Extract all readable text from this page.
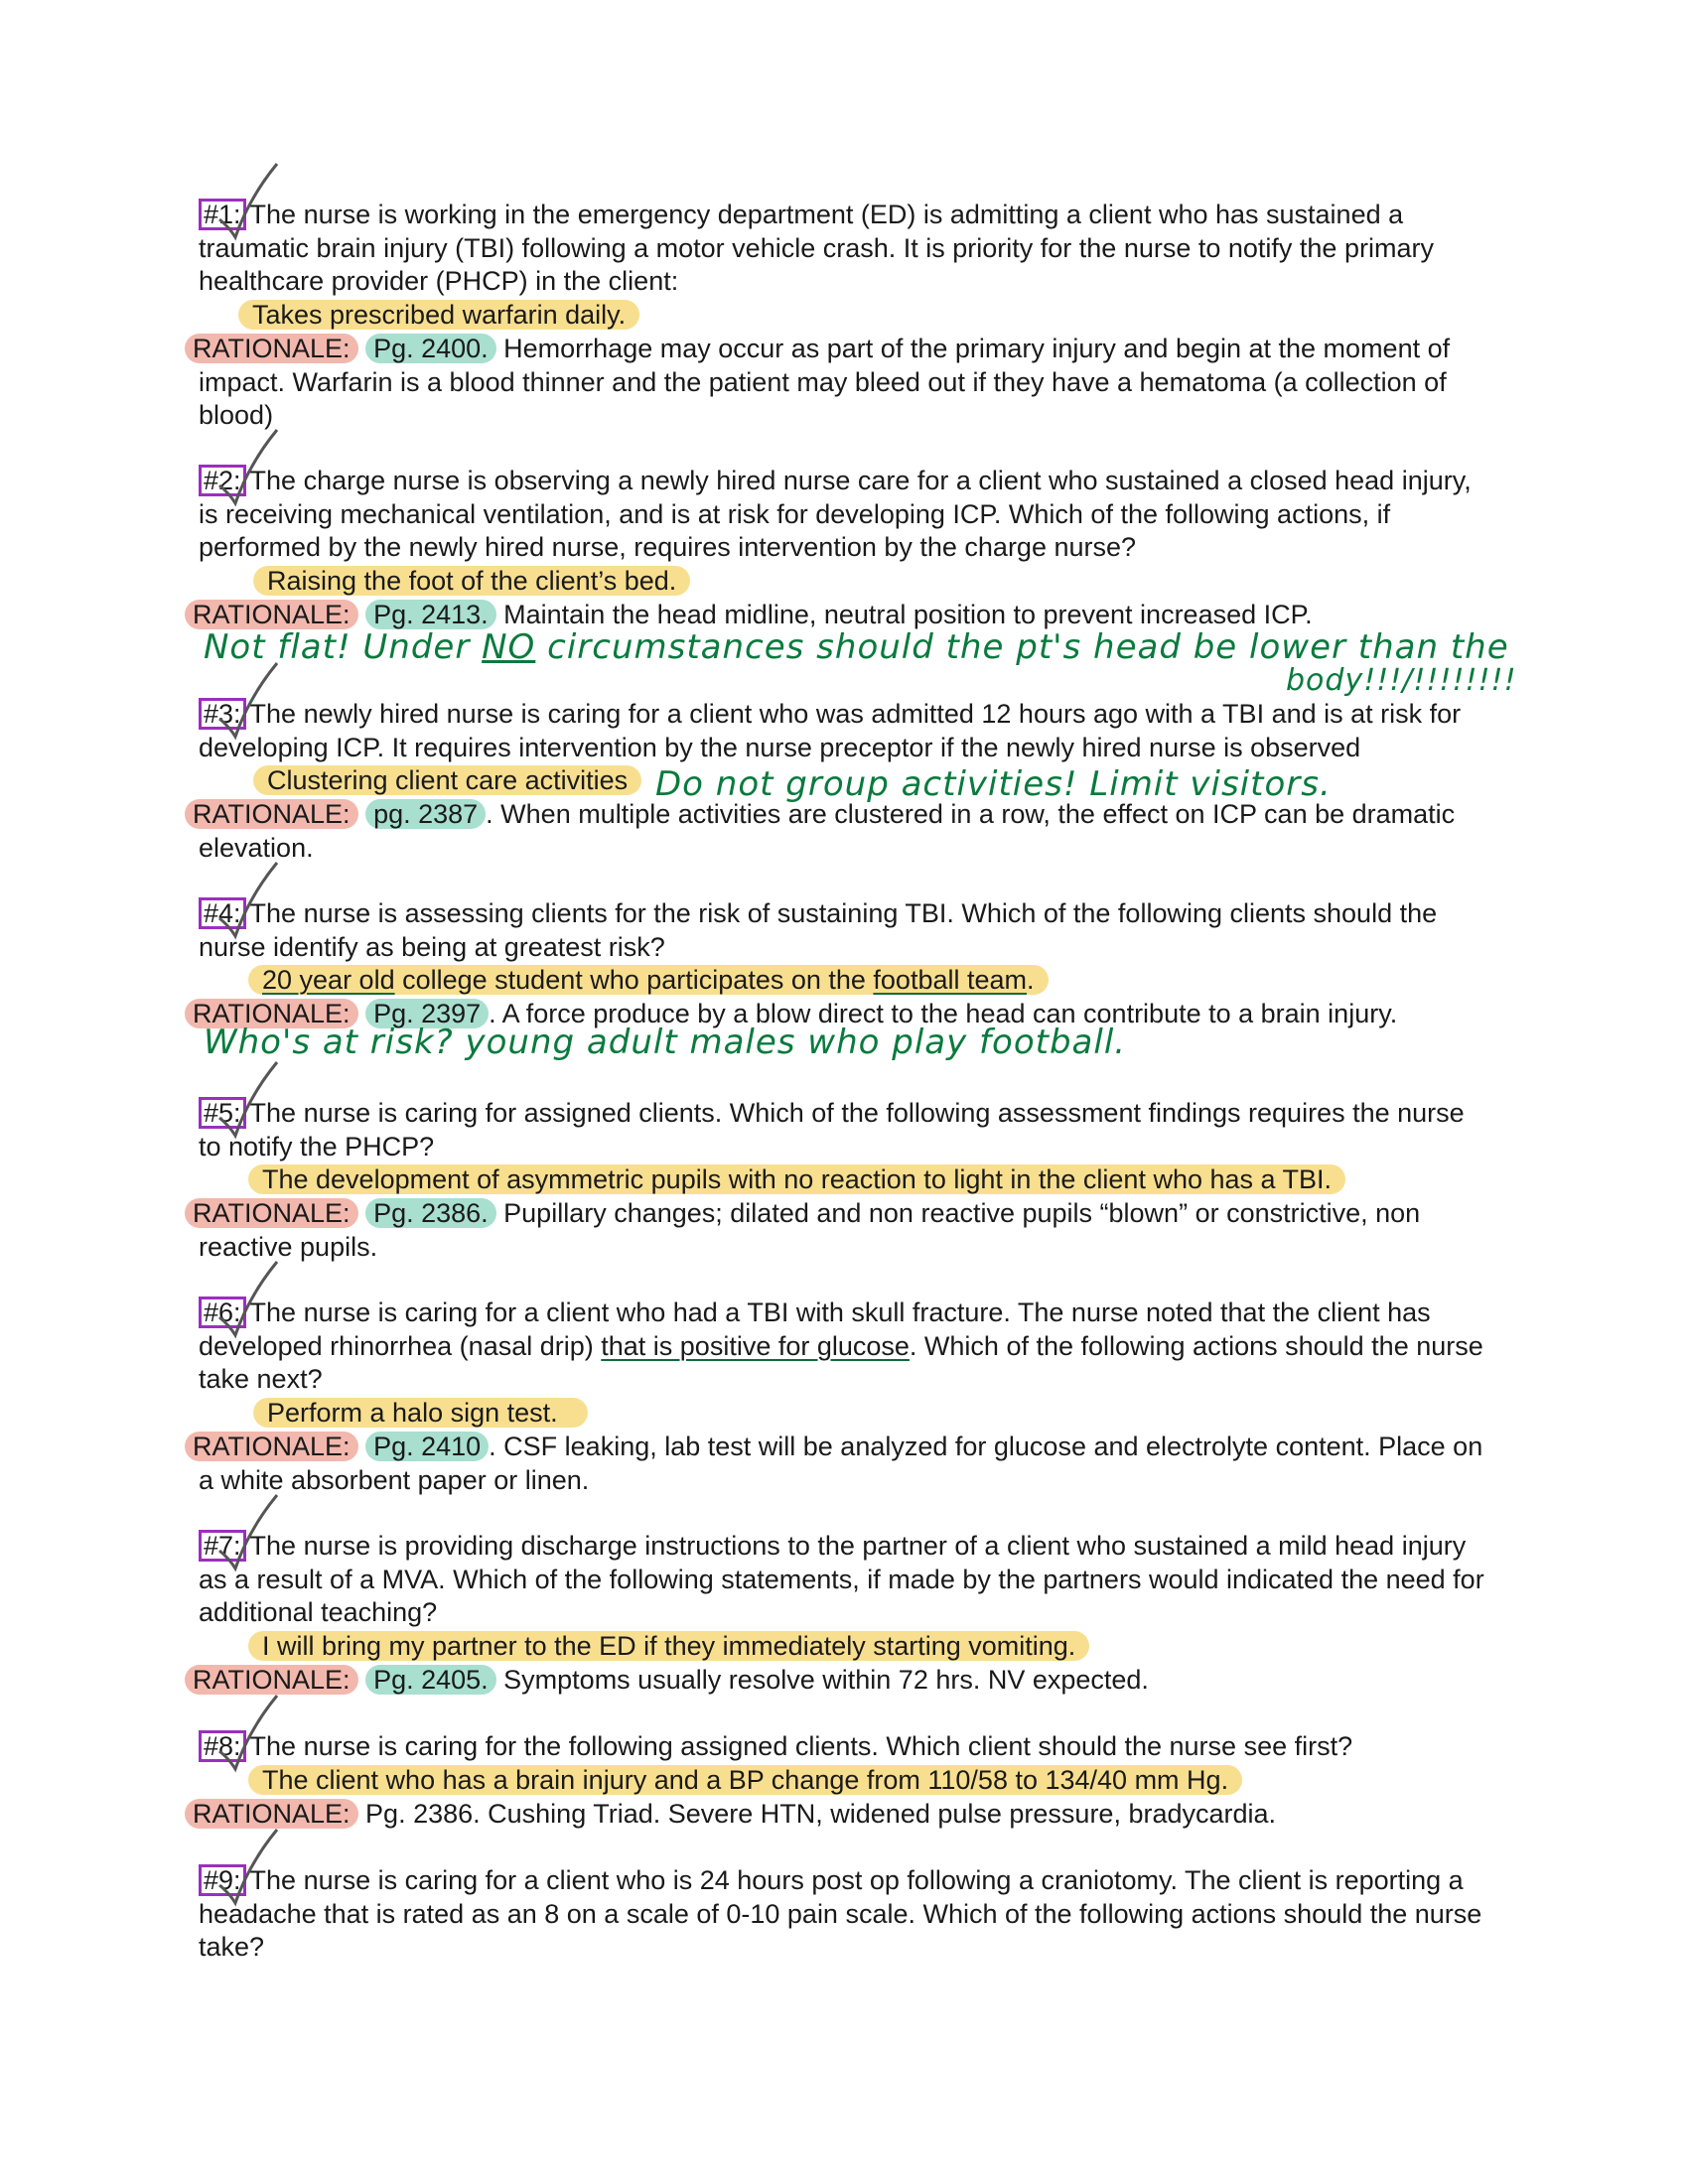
#1: The nurse is working in the emergency department (ED) is admitting a client who has sustained a traumatic brain injury (TBI) following a motor vehicle crash. It is priority for the nurse to notify the primary healthcare provider (PHCP) in the client:

Takes prescribed warfarin daily.

RATIONALE: Pg. 2400. Hemorrhage may occur as part of the primary injury and begin at the moment of impact. Warfarin is a blood thinner and the patient may bleed out if they have a hematoma (a collection of blood)

#2: The charge nurse is observing a newly hired nurse care for a client who sustained a closed head injury, is receiving mechanical ventilation, and is at risk for developing ICP. Which of the following actions, if performed by the newly hired nurse, requires intervention by the charge nurse?

Raising the foot of the client’s bed.

RATIONALE: Pg. 2413. Maintain the head midline, neutral position to prevent increased ICP.

Not flat! Under NO circumstances should the pt's head be lower than the

body!!!/!!!!!!!!

#3: The newly hired nurse is caring for a client who was admitted 12 hours ago with a TBI and is at risk for developing ICP. It requires intervention by the nurse preceptor if the newly hired nurse is observed

Clustering client care activities Do not group activities! Limit visitors.

RATIONALE: pg. 2387 . When multiple activities are clustered in a row, the effect on ICP can be dramatic elevation.

#4: The nurse is assessing clients for the risk of sustaining TBI. Which of the following clients should the nurse identify as being at greatest risk?

20 year old college student who participates on the football team.

RATIONALE: Pg. 2397 . A force produce by a blow direct to the head can contribute to a brain injury.

Who's at risk? young adult males who play football.

#5: The nurse is caring for assigned clients. Which of the following assessment findings requires the nurse to notify the PHCP?

The development of asymmetric pupils with no reaction to light in the client who has a TBI.

RATIONALE: Pg. 2386. Pupillary changes; dilated and non reactive pupils “blown” or constrictive, non reactive pupils.

#6: The nurse is caring for a client who had a TBI with skull fracture. The nurse noted that the client has developed rhinorrhea (nasal drip) that is positive for glucose. Which of the following actions should the nurse take next?

Perform a halo sign test.

RATIONALE: Pg. 2410 . CSF leaking, lab test will be analyzed for glucose and electrolyte content. Place on a white absorbent paper or linen.

#7: The nurse is providing discharge instructions to the partner of a client who sustained a mild head injury as a result of a MVA. Which of the following statements, if made by the partners would indicated the need for additional teaching?

I will bring my partner to the ED if they immediately starting vomiting.

RATIONALE: Pg. 2405. Symptoms usually resolve within 72 hrs. NV expected.

#8: The nurse is caring for the following assigned clients. Which client should the nurse see first?

The client who has a brain injury and a BP change from 110/58 to 134/40 mm Hg.

RATIONALE: Pg. 2386. Cushing Triad. Severe HTN, widened pulse pressure, bradycardia.

#9: The nurse is caring for a client who is 24 hours post op following a craniotomy. The client is reporting a headache that is rated as an 8 on a scale of 0-10 pain scale. Which of the following actions should the nurse take?
